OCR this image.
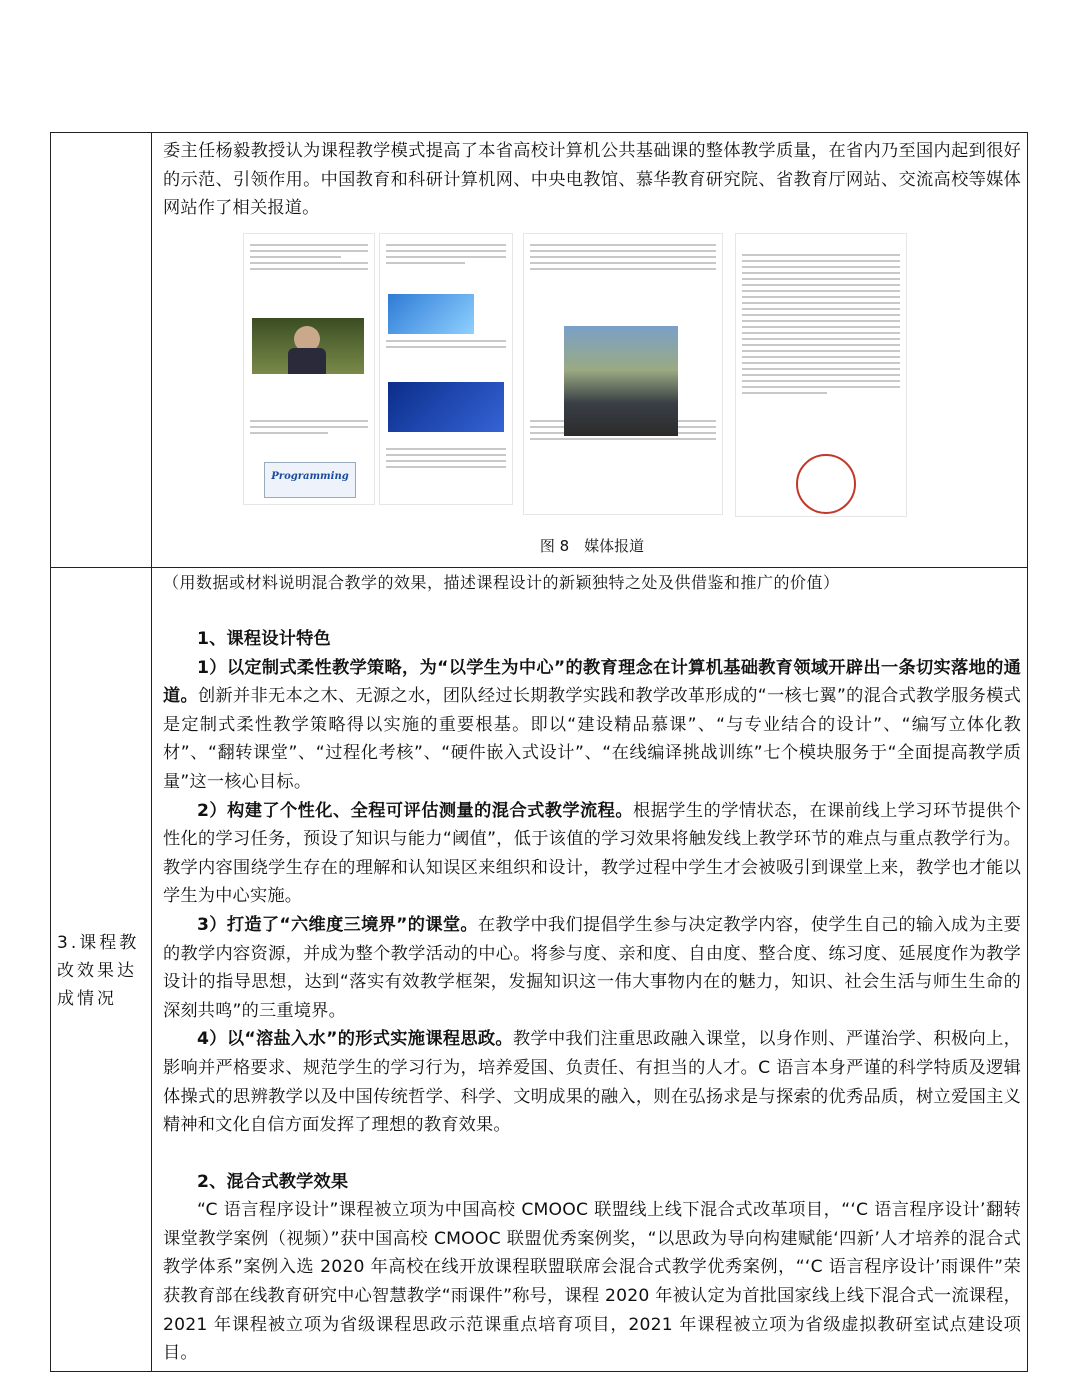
委主任杨毅教授认为课程教学模式提高了本省高校计算机公共基础课的整体教学质量，在省内乃至国内起到很好的示范、引领作用。中国教育和科研计算机网、中央电教馆、慕华教育研究院、省教育厅网站、交流高校等媒体网站作了相关报道。

Programming
图 8　媒体报道
3.课程教改效果达成情况

（用数据或材料说明混合教学的效果，描述课程设计的新颖独特之处及供借鉴和推广的价值）

1、课程设计特色

1）以定制式柔性教学策略，为“以学生为中心”的教育理念在计算机基础教育领域开辟出一条切实落地的通道。创新并非无本之木、无源之水，团队经过长期教学实践和教学改革形成的“一核七翼”的混合式教学服务模式是定制式柔性教学策略得以实施的重要根基。即以“建设精品慕课”、“与专业结合的设计”、“编写立体化教材”、“翻转课堂”、“过程化考核”、“硬件嵌入式设计”、“在线编译挑战训练”七个模块服务于“全面提高教学质量”这一核心目标。

2）构建了个性化、全程可评估测量的混合式教学流程。根据学生的学情状态，在课前线上学习环节提供个性化的学习任务，预设了知识与能力“阈值”，低于该值的学习效果将触发线上教学环节的难点与重点教学行为。教学内容围绕学生存在的理解和认知误区来组织和设计，教学过程中学生才会被吸引到课堂上来，教学也才能以学生为中心实施。

3）打造了“六维度三境界”的课堂。在教学中我们提倡学生参与决定教学内容，使学生自己的输入成为主要的教学内容资源，并成为整个教学活动的中心。将参与度、亲和度、自由度、整合度、练习度、延展度作为教学设计的指导思想，达到“落实有效教学框架，发掘知识这一伟大事物内在的魅力，知识、社会生活与师生生命的深刻共鸣”的三重境界。

4）以“溶盐入水”的形式实施课程思政。教学中我们注重思政融入课堂，以身作则、严谨治学、积极向上，影响并严格要求、规范学生的学习行为，培养爱国、负责任、有担当的人才。C 语言本身严谨的科学特质及逻辑体操式的思辨教学以及中国传统哲学、科学、文明成果的融入，则在弘扬求是与探索的优秀品质，树立爱国主义精神和文化自信方面发挥了理想的教育效果。

2、混合式教学效果

“C 语言程序设计”课程被立项为中国高校 CMOOC 联盟线上线下混合式改革项目，“‘C 语言程序设计’翻转课堂教学案例（视频）”获中国高校 CMOOC 联盟优秀案例奖，“以思政为导向构建赋能‘四新’人才培养的混合式教学体系”案例入选 2020 年高校在线开放课程联盟联席会混合式教学优秀案例，“‘C 语言程序设计’雨课件”荣获教育部在线教育研究中心智慧教学“雨课件”称号，课程 2020 年被认定为首批国家线上线下混合式一流课程，2021 年课程被立项为省级课程思政示范课重点培育项目，2021 年课程被立项为省级虚拟教研室试点建设项目。
